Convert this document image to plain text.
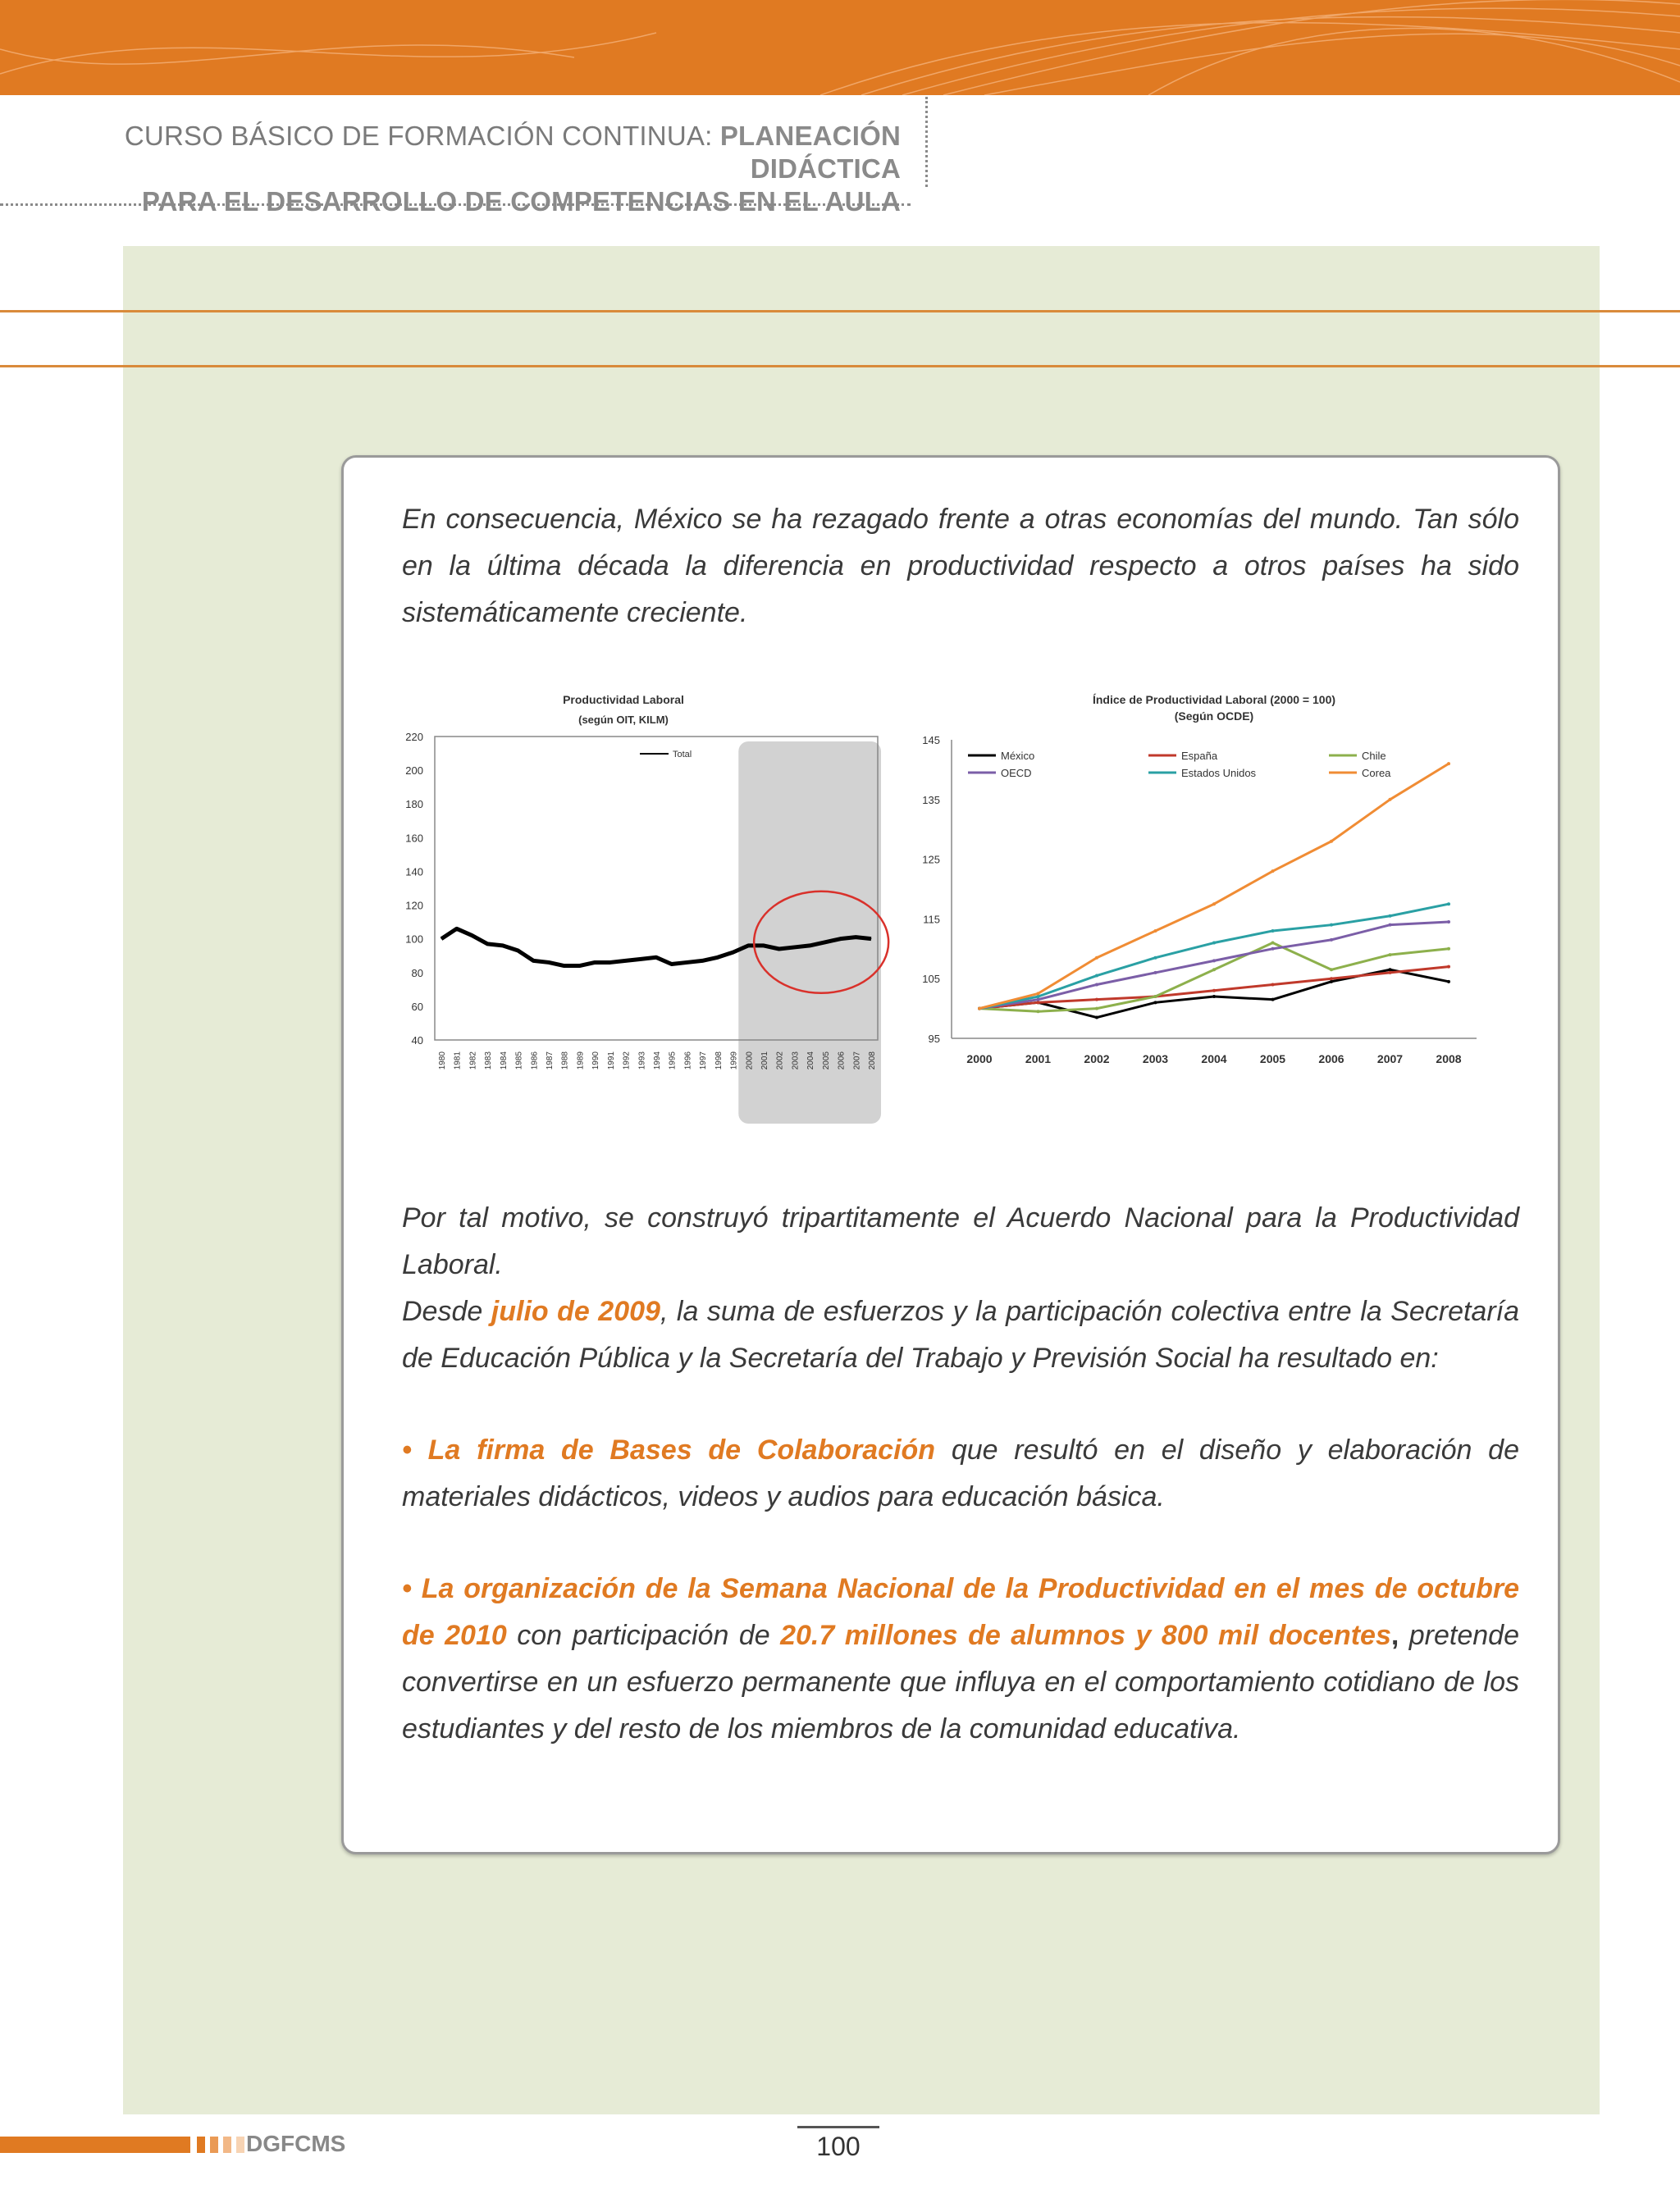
CURSO BÁSICO DE FORMACIÓN CONTINUA: PLANEACIÓN DIDÁCTICA
PARA EL DESARROLLO DE COMPETENCIAS EN EL AULA
En consecuencia, México se ha rezagado frente a otras economías del mundo. Tan sólo en la última década la diferencia en productividad respecto a otros países ha sido sistemáticamente creciente.
Productividad Laboral
(según OIT, KILM)
40
60
80
100
120
140
160
180
200
220
1980 1981 1982 1983 1984 1985 1986 1987 1988 1989 1990 1991 1992 1993 1994 1995 1996 1997 1998 1999 2000 2001 2002 2003 2004 2005 2006 2007 2008
Total
Índice de Productividad Laboral (2000 = 100)
(Según OCDE)
95
105
115
125
135
145
2000	2001	2002	2003	2004	2005	2006	2007	2008
México	España	Chile
OECD	Estados Unidos	Corea
Por tal motivo, se construyó tripartitamente el Acuerdo Nacional para la Productividad Laboral.
Desde julio de 2009, la suma de esfuerzos y la participación colectiva entre la Secretaría de Educación Pública y la Secretaría del Trabajo y Previsión Social ha resultado en:
• La firma de Bases de Colaboración que resultó en el diseño y elaboración de materiales didácticos, videos y audios para educación básica.
• La organización de la Semana Nacional de la Productividad en el mes de octubre de 2010 con participación de 20.7 millones de alumnos y 800 mil docentes, pretende convertirse en un esfuerzo permanente que influya en el comportamiento cotidiano de los estudiantes y del resto de los miembros de la comunidad educativa.
DGFCMS	100
